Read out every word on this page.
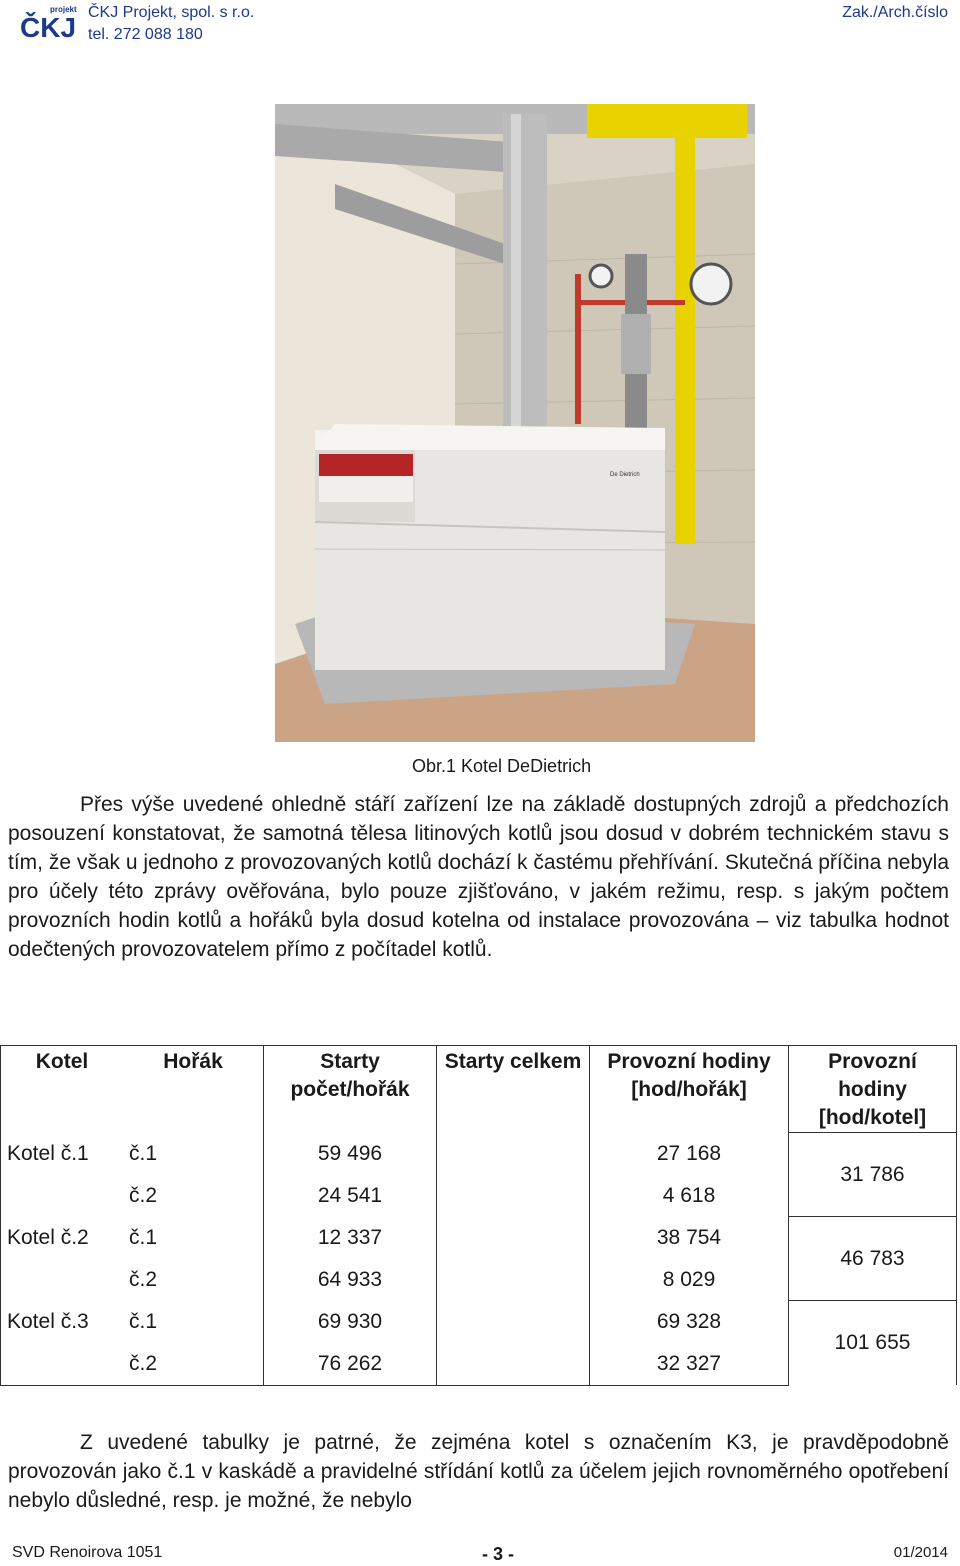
projekt
ČKJ ČKJ Projekt, spol. s r.o.
tel. 272 088 180
Zak./Arch.číslo
De Dietrich
Obr.1 Kotel DeDietrich
Přes výše uvedené ohledně stáří zařízení lze na základě dostupných zdrojů a předchozích posouzení konstatovat, že samotná tělesa litinových kotlů jsou dosud v dobrém technickém stavu s tím, že však u jednoho z provozovaných kotlů dochází k častému přehřívání. Skutečná příčina nebyla pro účely této zprávy ověřována, bylo pouze zjišťováno, v jakém režimu, resp. s jakým počtem provozních hodin kotlů a hořáků byla dosud kotelna od instalace provozována – viz tabulka hodnot odečtených provozovatelem přímo z počítadel kotlů.
Kotel	Hořák	Starty počet/hořák	Starty celkem	Provozní hodiny [hod/hořák]	Provozní hodiny [hod/kotel]
Kotel č.1	č.1	59 496		27 168	31 786
	č.2	24 541		4 618	
Kotel č.2	č.1	12 337		38 754	46 783
	č.2	64 933		8 029	
Kotel č.3	č.1	69 930		69 328	101 655
	č.2	76 262		32 327	
Z uvedené tabulky je patrné, že zejména kotel s označením K3, je pravděpodobně provozován jako č.1 v kaskádě a pravidelné střídání kotlů za účelem jejich rovnoměrného opotřebení nebylo důsledné, resp. je možné, že nebylo
SVD Renoirova 1051	- 3 -	01/2014
